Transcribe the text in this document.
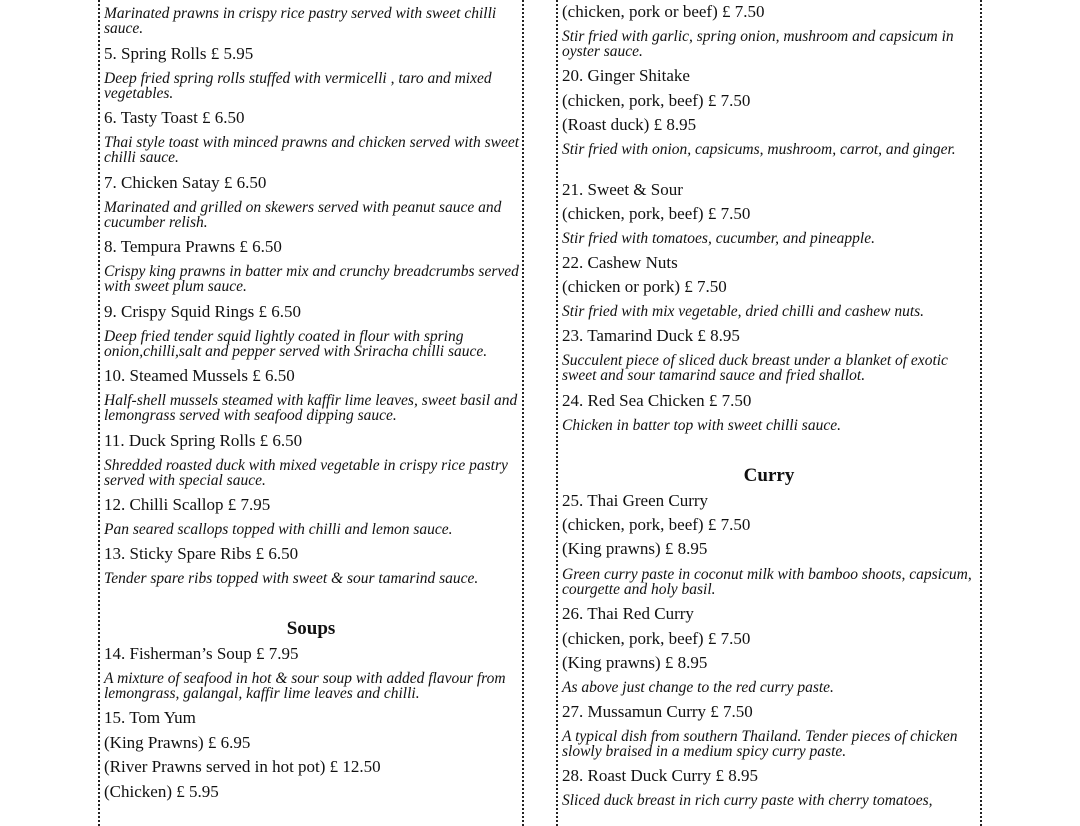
Marinated prawns in crispy rice pastry served with sweet chilli sauce.
5. Spring Rolls £ 5.95
Deep fried spring rolls stuffed with vermicelli , taro and mixed vegetables.
6. Tasty Toast £ 6.50
Thai style toast with minced prawns and chicken served with sweet chilli sauce.
7. Chicken Satay £ 6.50
Marinated and grilled on skewers served with peanut sauce and cucumber relish.
8. Tempura Prawns £ 6.50
Crispy king prawns in batter mix and crunchy breadcrumbs served with sweet plum sauce.
9. Crispy Squid Rings £ 6.50
Deep fried tender squid lightly coated in flour with spring onion,chilli,salt and pepper served with Sriracha chilli sauce.
10. Steamed Mussels £ 6.50
Half-shell mussels steamed with kaffir lime leaves, sweet basil and lemongrass served with seafood dipping sauce.
11. Duck Spring Rolls £ 6.50
Shredded roasted duck with mixed vegetable in crispy rice pastry served with special sauce.
12. Chilli Scallop £ 7.95
Pan seared scallops topped with chilli and lemon sauce.
13. Sticky Spare Ribs £ 6.50
Tender spare ribs topped with sweet & sour tamarind sauce.
Soups
14. Fisherman’s Soup £ 7.95
A mixture of seafood in hot & sour soup with added flavour from lemongrass, galangal, kaffir lime leaves and chilli.
15. Tom Yum
(King Prawns) £ 6.95
(River Prawns served in hot pot) £ 12.50
(Chicken) £ 5.95
(chicken, pork or beef) £ 7.50
Stir fried with garlic, spring onion, mushroom and capsicum in oyster sauce.
20. Ginger Shitake
(chicken, pork, beef) £ 7.50
(Roast duck) £ 8.95
Stir fried with onion, capsicums, mushroom, carrot, and ginger.
21. Sweet & Sour
(chicken, pork, beef) £ 7.50
Stir fried with tomatoes, cucumber, and pineapple.
22. Cashew Nuts
(chicken or pork) £ 7.50
Stir fried with mix vegetable, dried chilli and cashew nuts.
23. Tamarind Duck £ 8.95
Succulent piece of sliced duck breast under a blanket of exotic sweet and sour tamarind sauce and fried shallot.
24. Red Sea Chicken £ 7.50
Chicken in batter top with sweet chilli sauce.
Curry
25. Thai Green Curry
(chicken, pork, beef) £ 7.50
(King prawns) £ 8.95
Green curry paste in coconut milk with bamboo shoots, capsicum, courgette and holy basil.
26. Thai Red Curry
(chicken, pork, beef) £ 7.50
(King prawns) £ 8.95
As above just change to the red curry paste.
27. Mussamun Curry £ 7.50
A typical dish from southern Thailand. Tender pieces of chicken slowly braised in a medium spicy curry paste.
28. Roast Duck Curry £ 8.95
Sliced duck breast in rich curry paste with cherry tomatoes,
